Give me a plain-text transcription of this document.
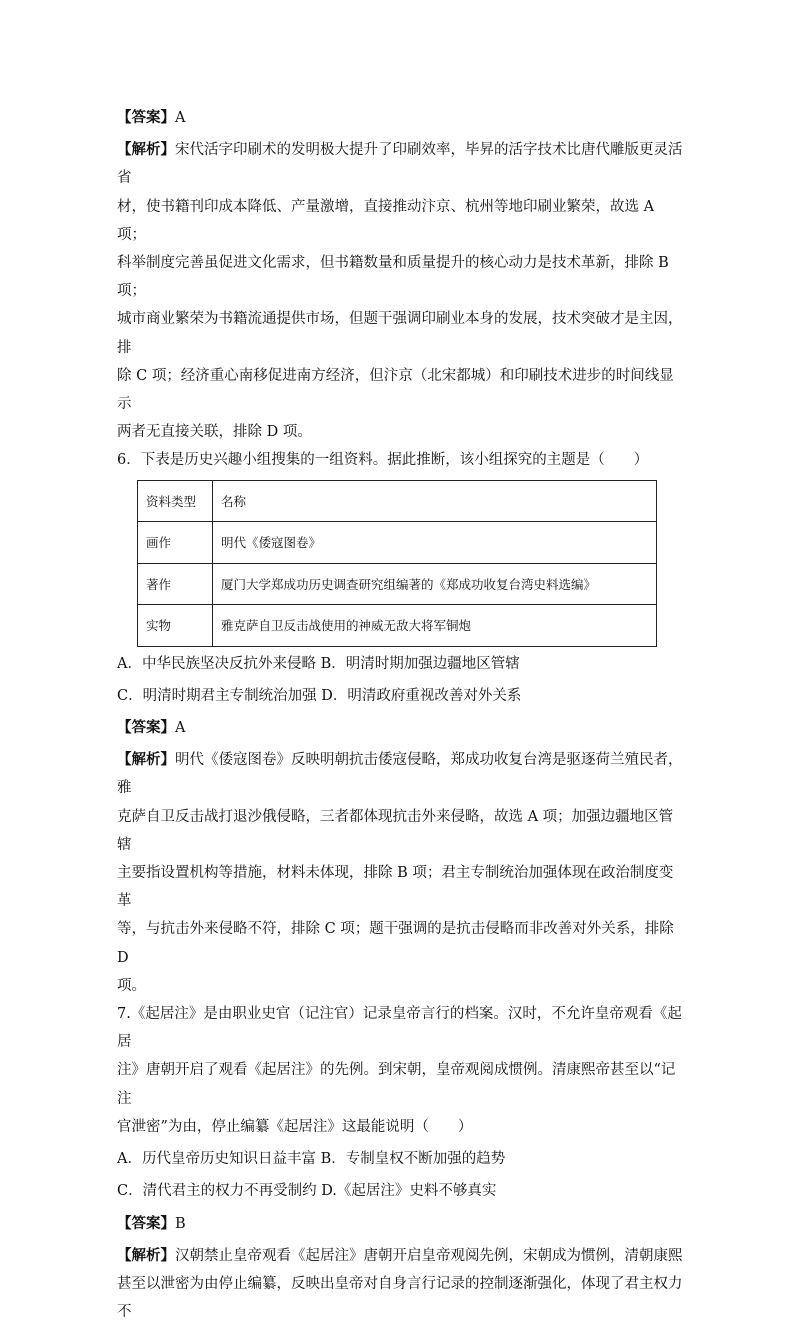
【答案】A

【解析】宋代活字印刷术的发明极大提升了印刷效率，毕昇的活字技术比唐代雕版更灵活省

材，使书籍刊印成本降低、产量激增，直接推动汴京、杭州等地印刷业繁荣，故选 A 项；

科举制度完善虽促进文化需求，但书籍数量和质量提升的核心动力是技术革新，排除 B 项；

城市商业繁荣为书籍流通提供市场，但题干强调印刷业本身的发展，技术突破才是主因，排

除 C 项；经济重心南移促进南方经济，但汴京（北宋都城）和印刷技术进步的时间线显示

两者无直接关联，排除 D 项。

6．下表是历史兴趣小组搜集的一组资料。据此推断，该小组探究的主题是（　　）

资料类型	名称
画作	明代《倭寇图卷》
著作	厦门大学郑成功历史调查研究组编著的《郑成功收复台湾史料选编》
实物	雅克萨自卫反击战使用的神威无敌大将军铜炮

A．中华民族坚决反抗外来侵略 B．明清时期加强边疆地区管辖

C．明清时期君主专制统治加强 D．明清政府重视改善对外关系

【答案】A

【解析】明代《倭寇图卷》反映明朝抗击倭寇侵略，郑成功收复台湾是驱逐荷兰殖民者，雅

克萨自卫反击战打退沙俄侵略，三者都体现抗击外来侵略，故选 A 项；加强边疆地区管辖

主要指设置机构等措施，材料未体现，排除 B 项；君主专制统治加强体现在政治制度变革

等，与抗击外来侵略不符，排除 C 项；题干强调的是抗击侵略而非改善对外关系，排除 D

项。

7.《起居注》是由职业史官（记注官）记录皇帝言行的档案。汉时，不允许皇帝观看《起居

注》唐朝开启了观看《起居注》的先例。到宋朝，皇帝观阅成惯例。清康熙帝甚至以“记注

官泄密”为由，停止编纂《起居注》这最能说明（　　）

A．历代皇帝历史知识日益丰富 B．专制皇权不断加强的趋势

C．清代君主的权力不再受制约 D.《起居注》史料不够真实

【答案】B

【解析】汉朝禁止皇帝观看《起居注》唐朝开启皇帝观阅先例，宋朝成为惯例，清朝康熙

甚至以泄密为由停止编纂，反映出皇帝对自身言行记录的控制逐渐强化，体现了君主权力不
